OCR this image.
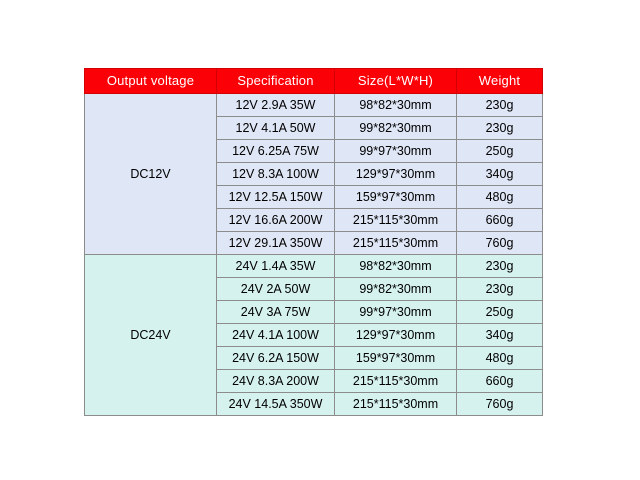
Output voltage	Specification	Size(L*W*H)	Weight
DC12V	12V 2.9A 35W	98*82*30mm	230g
	12V 4.1A 50W	99*82*30mm	230g
	12V 6.25A 75W	99*97*30mm	250g
	12V 8.3A 100W	129*97*30mm	340g
	12V 12.5A 150W	159*97*30mm	480g
	12V 16.6A 200W	215*115*30mm	660g
	12V 29.1A 350W	215*115*30mm	760g
DC24V	24V 1.4A 35W	98*82*30mm	230g
	24V 2A 50W	99*82*30mm	230g
	24V 3A 75W	99*97*30mm	250g
	24V 4.1A 100W	129*97*30mm	340g
	24V 6.2A 150W	159*97*30mm	480g
	24V 8.3A 200W	215*115*30mm	660g
	24V 14.5A 350W	215*115*30mm	760g
